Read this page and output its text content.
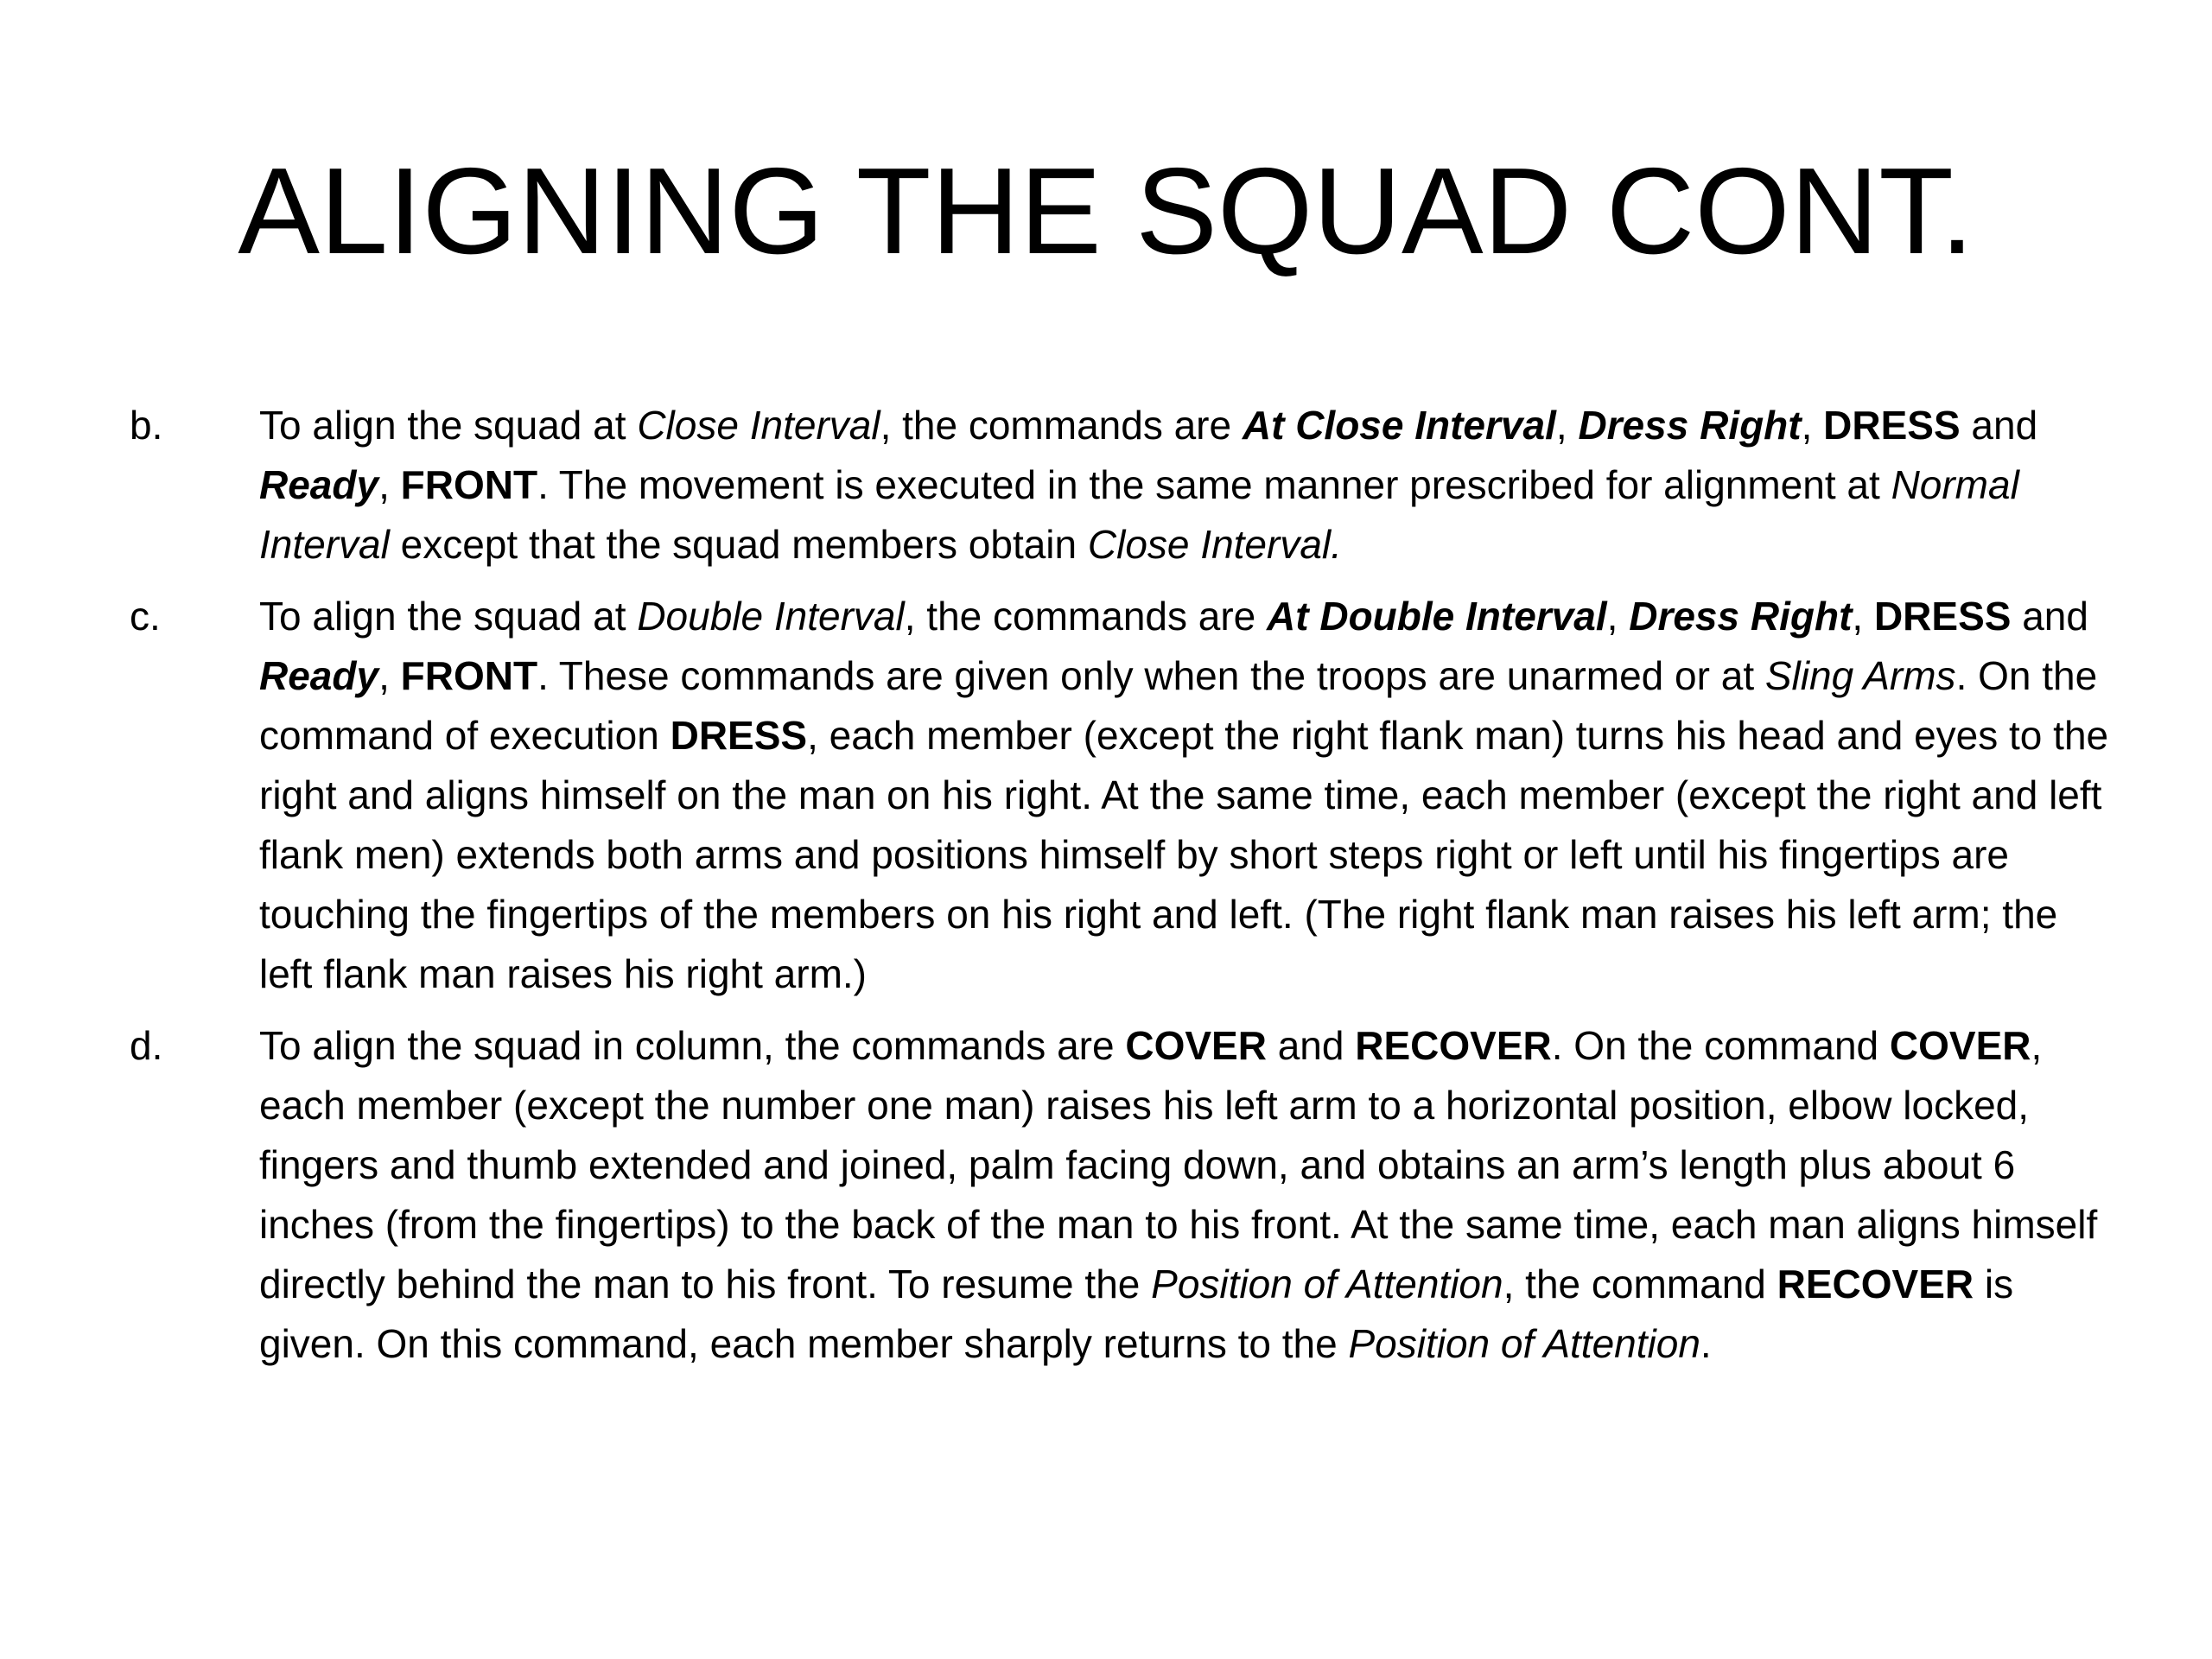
ALIGNING THE SQUAD CONT.
b. To align the squad at Close Interval, the commands are At Close Interval, Dress Right, DRESS and Ready, FRONT. The movement is executed in the same manner prescribed for alignment at Normal Interval except that the squad members obtain Close Interval.
c. To align the squad at Double Interval, the commands are At Double Interval, Dress Right, DRESS and Ready, FRONT. These commands are given only when the troops are unarmed or at Sling Arms. On the command of execution DRESS, each member (except the right flank man) turns his head and eyes to the right and aligns himself on the man on his right. At the same time, each member (except the right and left flank men) extends both arms and positions himself by short steps right or left until his fingertips are touching the fingertips of the members on his right and left. (The right flank man raises his left arm; the left flank man raises his right arm.)
d. To align the squad in column, the commands are COVER and RECOVER. On the command COVER, each member (except the number one man) raises his left arm to a horizontal position, elbow locked, fingers and thumb extended and joined, palm facing down, and obtains an arm’s length plus about 6 inches (from the fingertips) to the back of the man to his front. At the same time, each man aligns himself directly behind the man to his front. To resume the Position of Attention, the command RECOVER is given. On this command, each member sharply returns to the Position of Attention.
